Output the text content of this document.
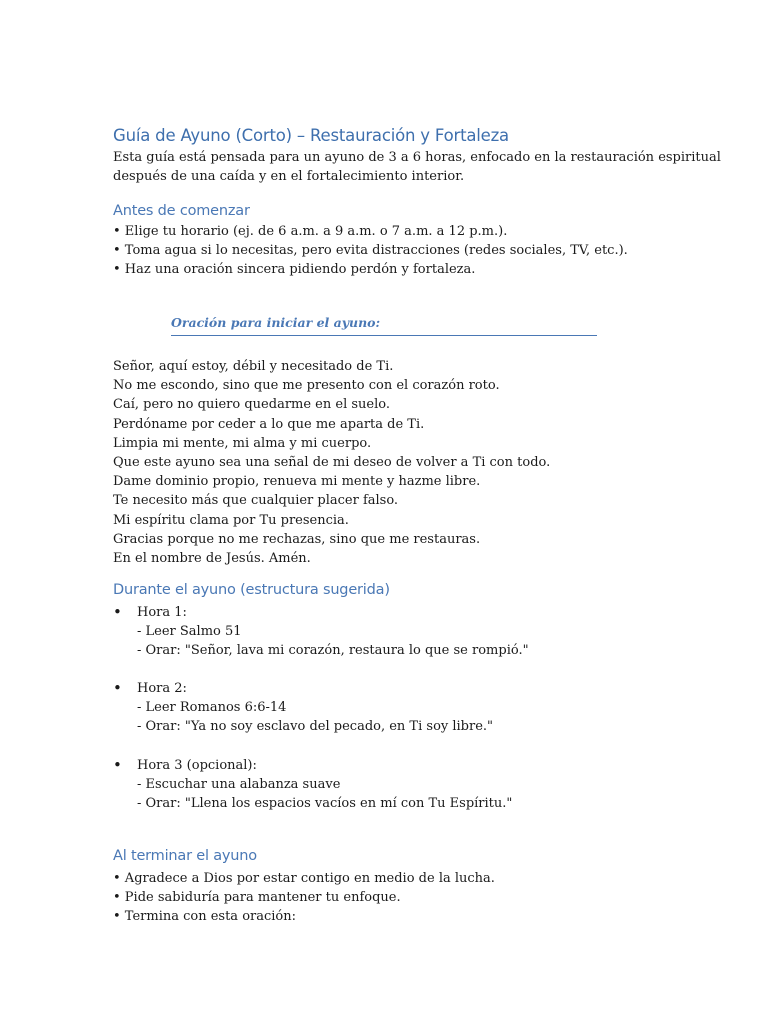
Guía de Ayuno (Corto) – Restauración y Fortaleza
Esta guía está pensada para un ayuno de 3 a 6 horas, enfocado en la restauración espiritual
después de una caída y en el fortalecimiento interior.
Antes de comenzar
• Elige tu horario (ej. de 6 a.m. a 9 a.m. o 7 a.m. a 12 p.m.).
• Toma agua si lo necesitas, pero evita distracciones (redes sociales, TV, etc.).
• Haz una oración sincera pidiendo perdón y fortaleza.

Oración para iniciar el ayuno:

Señor, aquí estoy, débil y necesitado de Ti.
No me escondo, sino que me presento con el corazón roto.
Caí, pero no quiero quedarme en el suelo.
Perdóname por ceder a lo que me aparta de Ti.
Limpia mi mente, mi alma y mi cuerpo.
Que este ayuno sea una señal de mi deseo de volver a Ti con todo.
Dame dominio propio, renueva mi mente y hazme libre.
Te necesito más que cualquier placer falso.
Mi espíritu clama por Tu presencia.
Gracias porque no me rechazas, sino que me restauras.
En el nombre de Jesús. Amén.
Durante el ayuno (estructura sugerida)
• Hora 1:
- Leer Salmo 51
- Orar: "Señor, lava mi corazón, restaura lo que se rompió."
• Hora 2:
- Leer Romanos 6:6-14
- Orar: "Ya no soy esclavo del pecado, en Ti soy libre."
• Hora 3 (opcional):
- Escuchar una alabanza suave
- Orar: "Llena los espacios vacíos en mí con Tu Espíritu."
Al terminar el ayuno
• Agradece a Dios por estar contigo en medio de la lucha.
• Pide sabiduría para mantener tu enfoque.
• Termina con esta oración:
